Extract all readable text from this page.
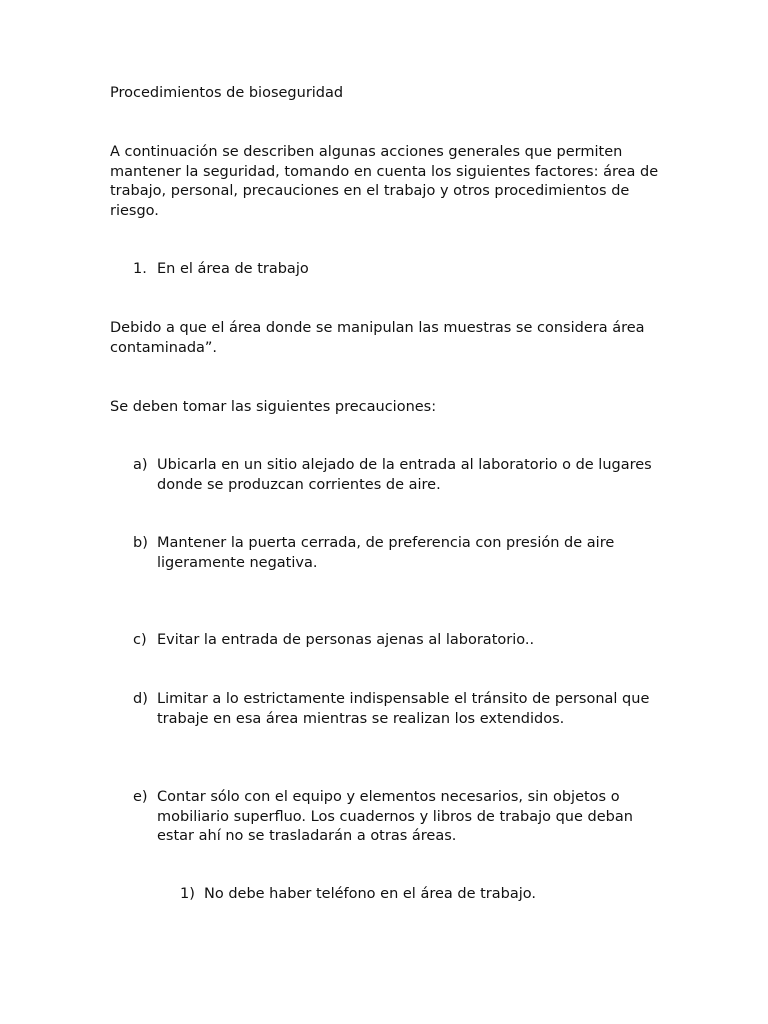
Procedimientos de bioseguridad
A continuación se describen algunas acciones generales que permiten mantener la seguridad, tomando en cuenta los siguientes factores: área de trabajo, personal, precauciones en el trabajo y otros procedimientos de riesgo.
1. En el área de trabajo
Debido a que el área donde se manipulan las muestras se considera área contaminada”.
Se deben tomar las siguientes precauciones:
a) Ubicarla en un sitio alejado de la entrada al laboratorio o de lugares donde se produzcan corrientes de aire.
b) Mantener la puerta cerrada, de preferencia con presión de aire ligeramente negativa.
c) Evitar la entrada de personas ajenas al laboratorio..
d) Limitar a lo estrictamente indispensable el tránsito de personal que trabaje en esa área mientras se realizan los extendidos.
e) Contar sólo con el equipo y elementos necesarios, sin objetos o mobiliario superfluo. Los cuadernos y libros de trabajo que deban estar ahí no se trasladarán a otras áreas.
1) No debe haber teléfono en el área de trabajo.
